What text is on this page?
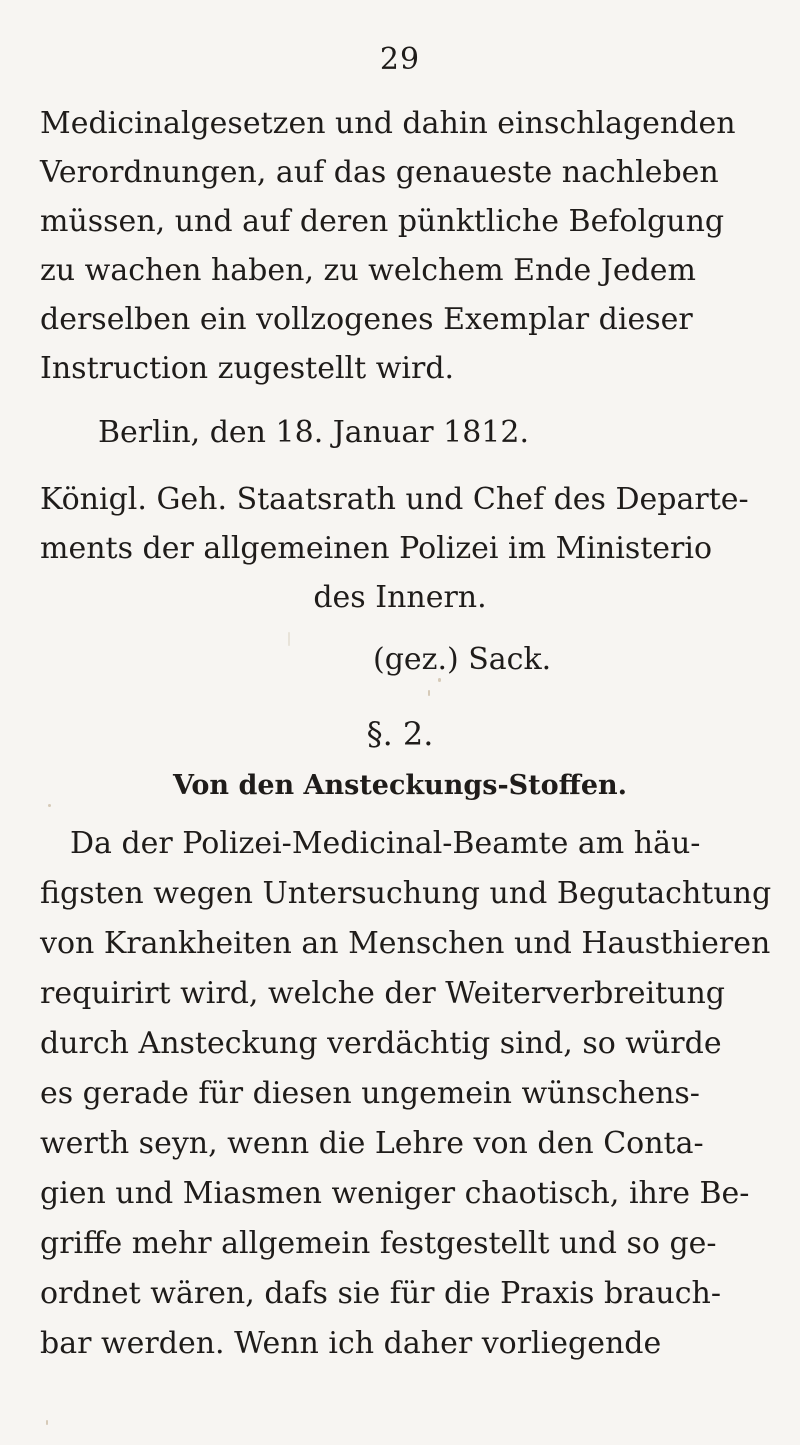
29
Medicinalgesetzen und dahin einschlagenden
Verordnungen, auf das genaueste nachleben
müssen, und auf deren pünktliche Befolgung
zu wachen haben, zu welchem Ende Jedem
derselben ein vollzogenes Exemplar dieser
Instruction zugestellt wird.
Berlin, den 18. Januar 1812.
Königl. Geh. Staatsrath und Chef des Departe-
ments der allgemeinen Polizei im Ministerio
des Innern.
(gez.) Sack.
§. 2.
Von den Ansteckungs-Stoffen.
Da der Polizei-Medicinal-Beamte am häu-
figsten wegen Untersuchung und Begutachtung
von Krankheiten an Menschen und Hausthieren
requirirt wird, welche der Weiterverbreitung
durch Ansteckung verdächtig sind, so würde
es gerade für diesen ungemein wünschens-
werth seyn, wenn die Lehre von den Conta-
gien und Miasmen weniger chaotisch, ihre Be-
griffe mehr allgemein festgestellt und so ge-
ordnet wären, dafs sie für die Praxis brauch-
bar werden. Wenn ich daher vorliegende
